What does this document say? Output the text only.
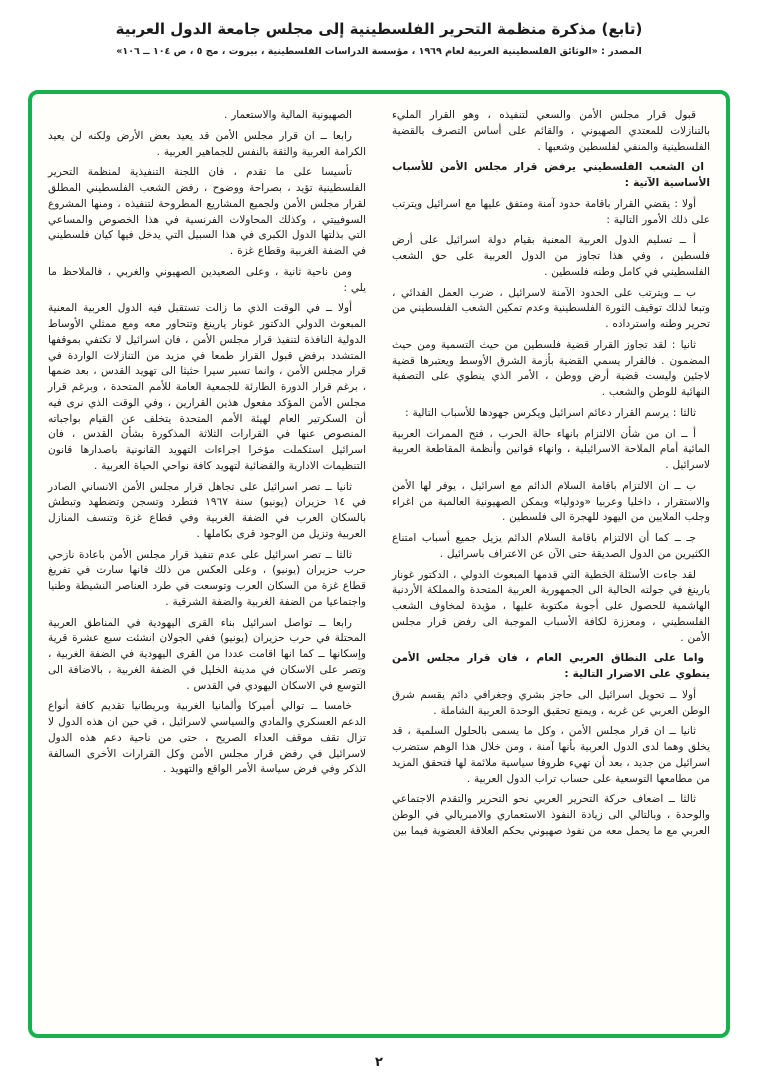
(تابع) مذكرة منظمة التحرير الفلسطينية إلى مجلس جامعة الدول العربية

المصدر : «الوثائق الفلسطينية العربية لعام ١٩٦٩ ، مؤسسة الدراسات الفلسطينية ، بيروت ، مج ٥ ، ص ١٠٤ ــ ١٠٦»

قبول قرار مجلس الأمن والسعي لتنفيذه ، وهو القرار المليء بالتنازلات للمعتدي الصهيوني ، والقائم على أساس التصرف بالقضية الفلسطينية والمنفي لفلسطين وشعبها .

ان الشعب الفلسطيني يرفض قرار مجلس الأمن للأسباب الأساسية الآتية :

أولا : يقضي القرار باقامة حدود آمنة ومتفق عليها مع اسرائيل ويترتب على ذلك الأمور التالية :

أ ــ تسليم الدول العربية المعنية بقيام دولة اسرائيل على أرض فلسطين ، وفي هذا تجاوز من الدول العربية على حق الشعب الفلسطيني في كامل وطنه فلسطين .

ب ــ ويترتب على الحدود الآمنة لاسرائيل ، ضرب العمل الفدائي ، وتبعا لذلك توقيف الثورة الفلسطينية وعدم تمكين الشعب الفلسطيني من تحرير وطنه واسترداده .

ثانيا : لقد تجاوز القرار قضية فلسطين من حيث التسمية ومن حيث المضمون . فالقرار يسمي القضية بأزمة الشرق الأوسط ويعتبرها قضية لاجئين وليست قضية أرض ووطن ، الأمر الذي ينطوي على التصفية النهائية للوطن والشعب .

ثالثا : يرسم القرار دعائم اسرائيل ويكرس جهودها للأسباب التالية :

أ ــ ان من شأن الالتزام بانهاء حالة الحرب ، فتح الممرات العربية المائية أمام الملاحة الاسرائيلية ، وانهاء قوانين وأنظمة المقاطعة العربية لاسرائيل .

ب ــ ان الالتزام باقامة السلام الدائم مع اسرائيل ، يوفر لها الأمن والاستقرار ، داخليا وعربيا «ودوليا» ويمكن الصهيونية العالمية من اغراء وجلب الملايين من اليهود للهجرة الى فلسطين .

جـ ــ كما أن الالتزام باقامة السلام الدائم يزيل جميع أسباب امتناع الكثيرين من الدول الصديقة حتى الآن عن الاعتراف باسرائيل .

لقد جاءت الأسئلة الخطية التي قدمها المبعوث الدولي ، الدكتور غونار يارينغ في جولته الحالية الى الجمهورية العربية المتحدة والمملكة الأردنية الهاشمية للحصول على أجوبة مكتوبة عليها ، مؤيدة لمخاوف الشعب الفلسطيني ، ومعززة لكافة الأسباب الموجبة الى رفض قرار مجلس الأمن .

واما على النطاق العربي العام ، فان قرار مجلس الأمن ينطوي على الاضرار التالية :

أولا ــ تحويل اسرائيل الى حاجز بشري وجغرافي دائم يقسم شرق الوطن العربي عن غربه ، ويمنع تحقيق الوحدة العربية الشاملة .

ثانيا ــ ان قرار مجلس الأمن ، وكل ما يسمى بالحلول السلمية ، قد يخلق وهما لدى الدول العربية بأنها آمنة ، ومن خلال هذا الوهم ستضرب اسرائيل من جديد ، بعد أن تهيء ظروفا سياسية ملائمة لها فتحقق المزيد من مطامعها التوسعية على حساب تراب الدول العربية .

ثالثا ــ اضعاف حركة التحرير العربي نحو التحرير والتقدم الاجتماعي والوحدة ، وبالتالي الى زيادة النفوذ الاستعماري والامبريالي في الوطن العربي مع ما يحمل معه من نفوذ صهيوني بحكم العلاقة العضوية فيما بين

الصهيونية المالية والاستعمار .

رابعا ــ ان قرار مجلس الأمن قد يعيد بعض الأرض ولكنه لن يعيد الكرامة العربية والثقة بالنفس للجماهير العربية .

تأسيسا على ما تقدم ، فان اللجنة التنفيذية لمنظمة التحرير الفلسطينية تؤيد ، بصراحة ووضوح ، رفض الشعب الفلسطيني المطلق لقرار مجلس الأمن ولجميع المشاريع المطروحة لتنفيذه ، ومنها المشروع السوفييتي ، وكذلك المحاولات الفرنسية في هذا الخصوص والمساعي التي بذلتها الدول الكبرى في هذا السبيل التي يدخل فيها كيان فلسطيني في الضفة الغربية وقطاع غزة .

ومن ناحية ثانية ، وعلى الصعيدين الصهيوني والغربي ، فالملاحظ ما يلي :

أولا ــ في الوقت الذي ما زالت تستقبل فيه الدول العربية المعنية المبعوث الدولي الدكتور غونار يارينغ وتتحاور معه ومع ممثلي الأوساط الدولية النافذة لتنفيذ قرار مجلس الأمن ، فان اسرائيل لا تكتفي بموقفها المتشدد برفض قبول القرار طمعا في مزيد من التنازلات الواردة في قرار مجلس الأمن ، وانما تسير سيرا حثيثا الى تهويد القدس ، بعد ضمها ، برغم قرار الدورة الطارئة للجمعية العامة للأمم المتحدة ، وبرغم قرار مجلس الأمن المؤكد مفعول هذين القرارين ، وفي الوقت الذي نرى فيه أن السكرتير العام لهيئة الأمم المتحدة يتخلف عن القيام بواجباته المنصوص عنها في القرارات الثلاثة المذكورة بشأن القدس ، فان اسرائيل استكملت مؤخرا اجراءات التهويد القانونية باصدارها قانون التنظيمات الادارية والقضائية لتهويد كافة نواحي الحياة العربية .

ثانيا ــ تصر اسرائيل على تجاهل قرار مجلس الأمن الانساني الصادر في ١٤ حزيران (يونيو) سنة ١٩٦٧ فتطرد وتسجن وتضطهد وتبطش بالسكان العرب في الضفة الغربية وفي قطاع غزة وتنسف المنازل العربية وتزيل من الوجود قرى بكاملها .

ثالثا ــ تصر اسرائيل على عدم تنفيذ قرار مجلس الأمن باعادة نازحي حرب حزيران (يونيو) ، وعلى العكس من ذلك فانها سارت في تفريغ قطاع غزة من السكان العرب وتوسعت في طرد العناصر النشيطة وطنيا واجتماعيا من الضفة الغربية والضفة الشرقية .

رابعا ــ تواصل اسرائيل بناء القرى اليهودية في المناطق العربية المحتلة في حرب حزيران (يونيو) ففي الجولان انشئت سبع عشرة قرية وإسكانها ــ كما انها اقامت عددا من القرى اليهودية في الضفة الغربية ، وتصر على الاسكان في مدينة الخليل في الضفة الغربية ، بالاضافة الى التوسع في الاسكان اليهودي في القدس .

خامسا ــ توالي أميركا وألمانيا الغربية وبريطانيا تقديم كافة أنواع الدعم العسكري والمادي والسياسي لاسرائيل ، في حين ان هذه الدول لا تزال تقف موقف العداء الصريح ، حتى من ناحية دعم هذه الدول لاسرائيل في رفض قرار مجلس الأمن وكل القرارات الأخرى السالفة الذكر وفي فرض سياسة الأمر الواقع والتهويد .

٢
